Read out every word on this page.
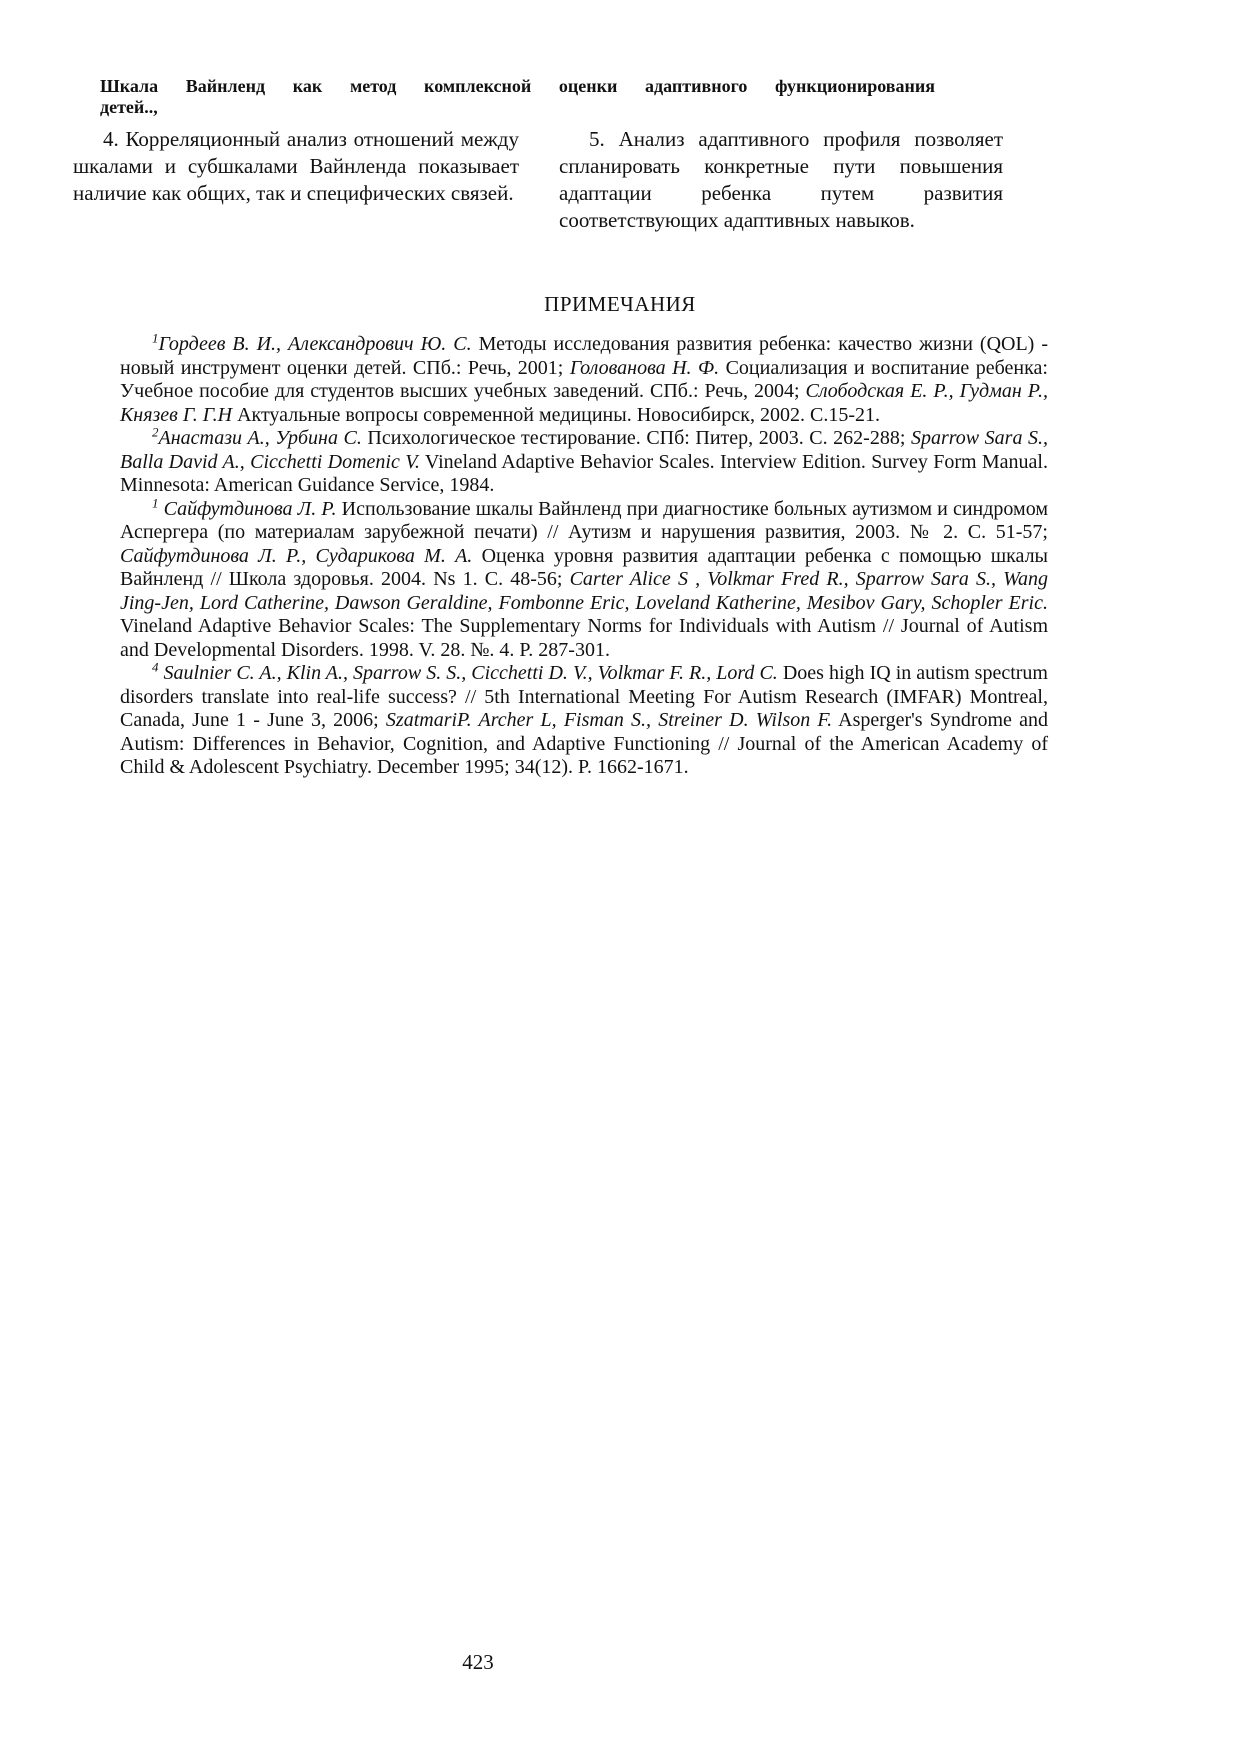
Шкала Вайнленд как метод комплексной оценки адаптивного функционирования
детей..,

4. Корреляционный анализ отношений между шкалами и субшкалами Вайнленда показывает наличие как общих, так и специфических связей.

5. Анализ адаптивного профиля позволяет спланировать конкретные пути повышения адаптации ребенка путем развития соответствующих адаптивных навыков.

ПРИМЕЧАНИЯ

$^1$Гордеев В. И., Александрович Ю. С. Методы исследования развития ребенка: качество жизни (QOL) - новый инструмент оценки детей. СПб.: Речь, 2001; Голованова Н. Ф. Социализация и воспитание ребенка: Учебное пособие для студентов высших учебных заведений. СПб.: Речь, 2004; Слободская Е. Р., Гудман Р., Князев Г. Г.Н Актуальные вопросы современной медицины. Новосибирск, 2002. С.15-21.

$^2$Анастази А., Урбина С. Психологическое тестирование. СПб: Питер, 2003. С. 262-288; Sparrow Sara S., Balla David A., Cicchetti Domenic V. Vineland Adaptive Behavior Scales. Interview Edition. Survey Form Manual. Minnesota: American Guidance Service, 1984.

$^1$ Сайфутдинова Л. Р. Использование шкалы Вайнленд при диагностике больных аутизмом и синдромом Аспергера (по материалам зарубежной печати) // Аутизм и нарушения развития, 2003. № 2. С. 51-57; Сайфутдинова Л. Р., Сударикова М. А. Оценка уровня развития адаптации ребенка с помощью шкалы Вайнленд // Школа здоровья. 2004. Ns 1. С. 48-56; Carter Alice S , Volkmar Fred R., Sparrow Sara S., Wang Jing-Jen, Lord Catherine, Dawson Geraldine, Fombonne Eric, Loveland Katherine, Mesibov Gary, Schopler Eric. Vineland Adaptive Behavior Scales: The Supplementary Norms for Individuals with Autism // Journal of Autism and Developmental Disorders. 1998. V. 28. №. 4. P. 287-301.

$^4$ Saulnier C. A., Klin A., Sparrow S. S., Cicchetti D. V., Volkmar F. R., Lord C. Does high IQ in autism spectrum disorders translate into real-life success? // 5th International Meeting For Autism Research (IMFAR) Montreal, Canada, June 1 - June 3, 2006; SzatmariP. Archer L, Fisman S., Streiner D. Wilson F. Asperger's Syndrome and Autism: Differences in Behavior, Cognition, and Adaptive Functioning // Journal of the American Academy of Child & Adolescent Psychiatry. December 1995; 34(12). P. 1662-1671.

423
